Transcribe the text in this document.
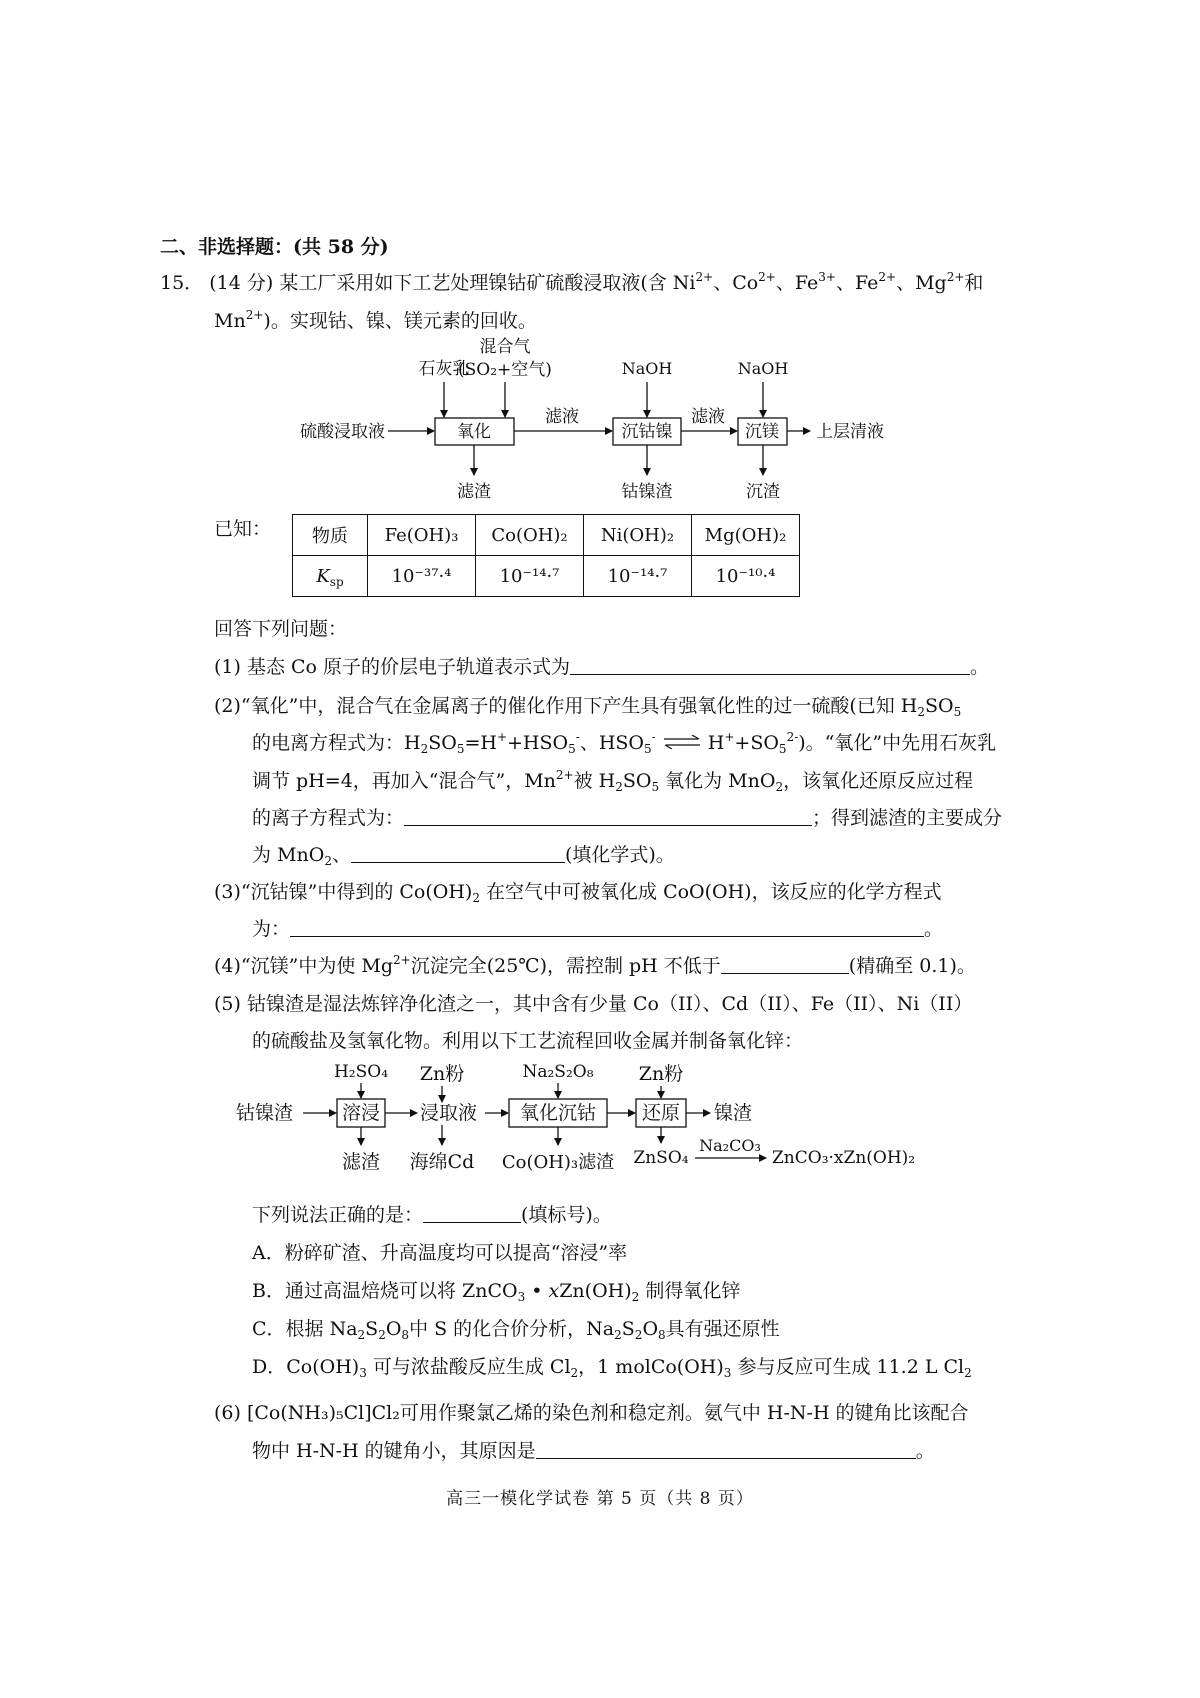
二、非选择题：(共 58 分)
15． (14 分) 某工厂采用如下工艺处理镍钴矿硫酸浸取液(含 $Ni^{2+}$、$Co^{2+}$、$Fe^{3+}$、$Fe^{2+}$、$Mg^{2+}$和
$Mn^{2+}$)。实现钴、镍、镁元素的回收。
硫酸浸取液	氧化
石灰乳
混合气
(SO₂+空气)
滤液
滤渣
沉钴镍
NaOH
钴镍渣
滤液
沉镁
NaOH
沉渣
上层清液
已知： 物质	Fe(OH)₃	Co(OH)₂	Ni(OH)₂	Mg(OH)₂
$K_{sp}$	10⁻³⁷·⁴	10⁻¹⁴·⁷	10⁻¹⁴·⁷	10⁻¹⁰·⁴
回答下列问题：
(1) 基态 Co 原子的价层电子轨道表示式为	。
(2)“氧化”中，混合气在金属离子的催化作用下产生具有强氧化性的过一硫酸(已知 $H_2SO_5$
的电离方程式为：$H_2SO_5=H^++HSO_5^-$、$HSO_5^-$ ⇌ $H^++SO_5^{2-}$)。“氧化”中先用石灰乳
调节 pH=4，再加入“混合气”，$Mn^{2+}$被 $H_2SO_5$ 氧化为 MnO$_2$，该氧化还原反应过程
的离子方程式为：	；得到滤渣的主要成分
为 MnO$_2$、	(填化学式)。
(3)“沉钴镍”中得到的 $Co(OH)_2$ 在空气中可被氧化成 CoO(OH)，该反应的化学方程式
为：	。
(4)“沉镁”中为使 $Mg^{2+}$沉淀完全(25℃)，需控制 pH 不低于	(精确至 0.1)。
(5) 钴镍渣是湿法炼锌净化渣之一，其中含有少量 Co（II）、Cd（II）、Fe（II）、Ni（II）
的硫酸盐及氢氧化物。利用以下工艺流程回收金属并制备氧化锌：
钴镍渣	溶浸
H₂SO₄
滤渣
浸取液
Zn粉
海绵Cd
氧化沉钴
Na₂S₂O₈
Co(OH)₃滤渣
还原
Zn粉
ZnSO₄
镍渣
Na₂CO₃
ZnCO₃·xZn(OH)₂
下列说法正确的是：	(填标号)。
A．粉碎矿渣、升高温度均可以提高“溶浸”率
B．通过高温焙烧可以将 ZnCO$_3$ • $xZn(OH)_2$ 制得氧化锌
C．根据 $Na_2S_2O_8$中 S 的化合价分析，$Na_2S_2O_8$具有强还原性
D．$Co(OH)_3$ 可与浓盐酸反应生成 $Cl_2$，1 $molCo(OH)_3$ 参与反应可生成 11.2 L $Cl_2$
(6) [Co(NH₃)₅Cl]Cl₂可用作聚氯乙烯的染色剂和稳定剂。氨气中 H-N-H 的键角比该配合
物中 H-N-H 的键角小，其原因是	。
高三一模化学试卷 第 5 页（共 8 页）
